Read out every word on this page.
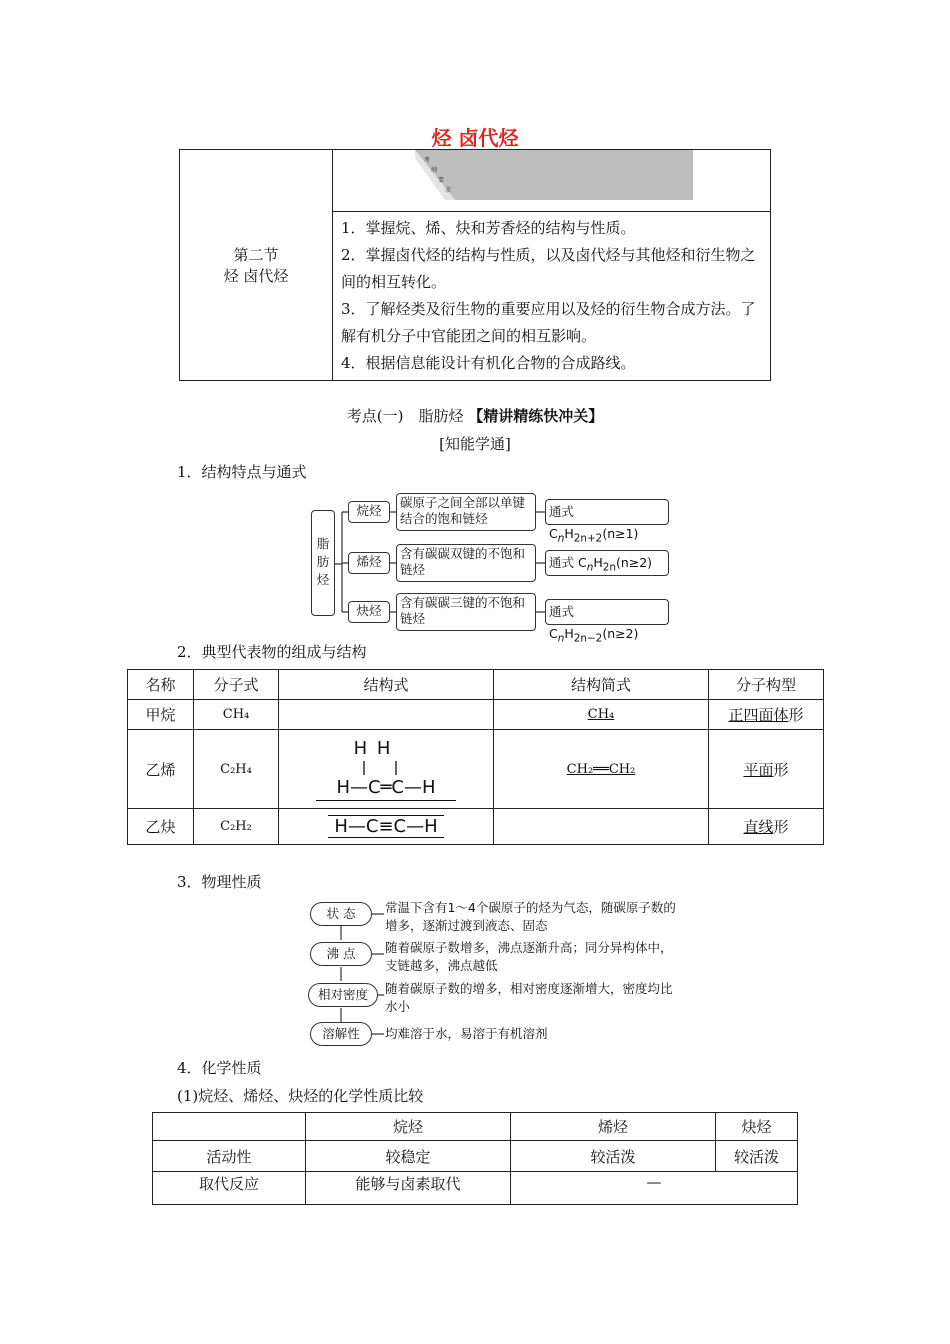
烃 卤代烃
第二节
烃 卤代烃

考
纲
要
求

1．掌握烷、烯、炔和芳香烃的结构与性质。

2．掌握卤代烃的结构与性质，以及卤代烃与其他烃和衍生物之间的相互转化。

3．了解烃类及衍生物的重要应用以及烃的衍生物合成方法。了解有机分子中官能团之间的相互影响。

4．根据信息能设计有机化合物的合成路线。

考点(一)　脂肪烃 【精讲精练快冲关】
[知能学通]
1．结构特点与通式
脂
肪
烃
烷烃
碳原子之间全部以单键结合的饱和链烃	通式 $C_nH_{2n+2}(n\ge 1)$
烯烃
含有碳碳双键的不饱和链烃	通式 $C_nH_{2n}(n\ge 2)$
炔烃
含有碳碳三键的不饱和链烃	通式 $C_nH_{2n-2}(n\ge 2)$
2．典型代表物的组成与结构
名称	分子式	结构式	结构简式	分子构型
甲烷	CH₄		CH₄	正四面体形
乙烯	C₂H₄	H H
H—C═C—H	CH₂══CH₂	平面形
乙炔	C₂H₂	H—C≡C—H		直线形
3．物理性质
状 态	常温下含有1～4个碳原子的烃为气态，随碳原子数的增多，逐渐过渡到液态、固态
沸 点	随着碳原子数增多，沸点逐渐升高；同分异构体中，支链越多，沸点越低
相对密度	随着碳原子数的增多，相对密度逐渐增大，密度均比水小
溶解性	均难溶于水，易溶于有机溶剂
4．化学性质
(1)烷烃、烯烃、炔烃的化学性质比较
	烷烃	烯烃	炔烃
活动性	较稳定	较活泼	较活泼
取代反应	能够与卤素取代	—	
